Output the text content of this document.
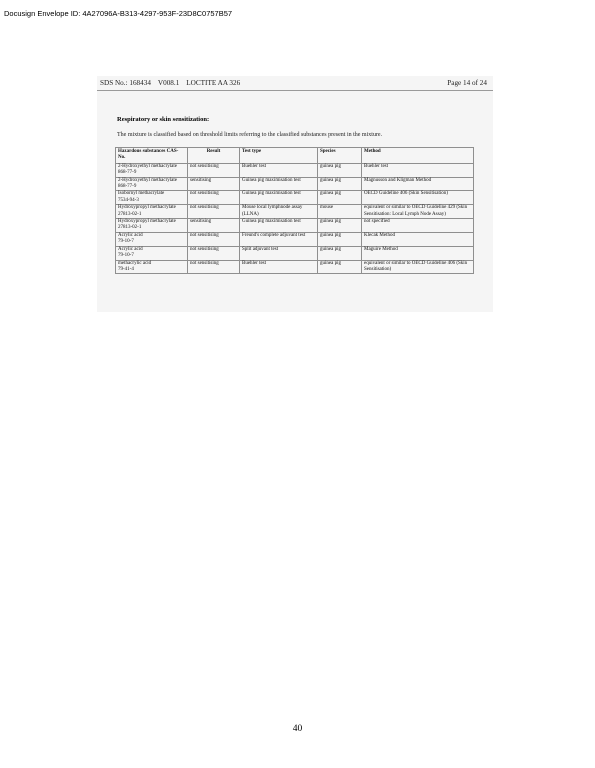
Docusign Envelope ID: 4A27096A-B313-4297-953F-23D8C0757B57
SDS No.: 168434 V008.1 LOCTITE AA 326	Page 14 of 24
Respiratory or skin sensitization:
The mixture is classified based on threshold limits referring to the classified substances present in the mixture.
Hazardous substances CAS-No.	Result	Test type	Species	Method
2-Hydroxyethyl methacrylate
868-77-9	not sensitising	Buehler test	guinea pig	Buehler test
2-Hydroxyethyl methacrylate
868-77-9	sensitising	Guinea pig maximisation test	guinea pig	Magnusson and Kligman Method
Isobornyl methacrylate
7534-94-3	not sensitising	Guinea pig maximisation test	guinea pig	OECD Guideline 406 (Skin Sensitisation)
Hydroxypropyl methacrylate
27813-02-1	not sensitising	Mouse local lymphnode assay (LLNA)	mouse	equivalent or similar to OECD Guideline 429 (Skin Sensitisation: Local Lymph Node Assay)
Hydroxypropyl methacrylate
27813-02-1	sensitising	Guinea pig maximisation test	guinea pig	not specified
Acrylic acid
79-10-7	not sensitising	Freund's complete adjuvant test	guinea pig	Klecak Method
Acrylic acid
79-10-7	not sensitising	Split adjuvant test	guinea pig	Maguire Method
methacrylic acid
79-41-4	not sensitising	Buehler test	guinea pig	equivalent or similar to OECD Guideline 406 (Skin Sensitisation)
40
